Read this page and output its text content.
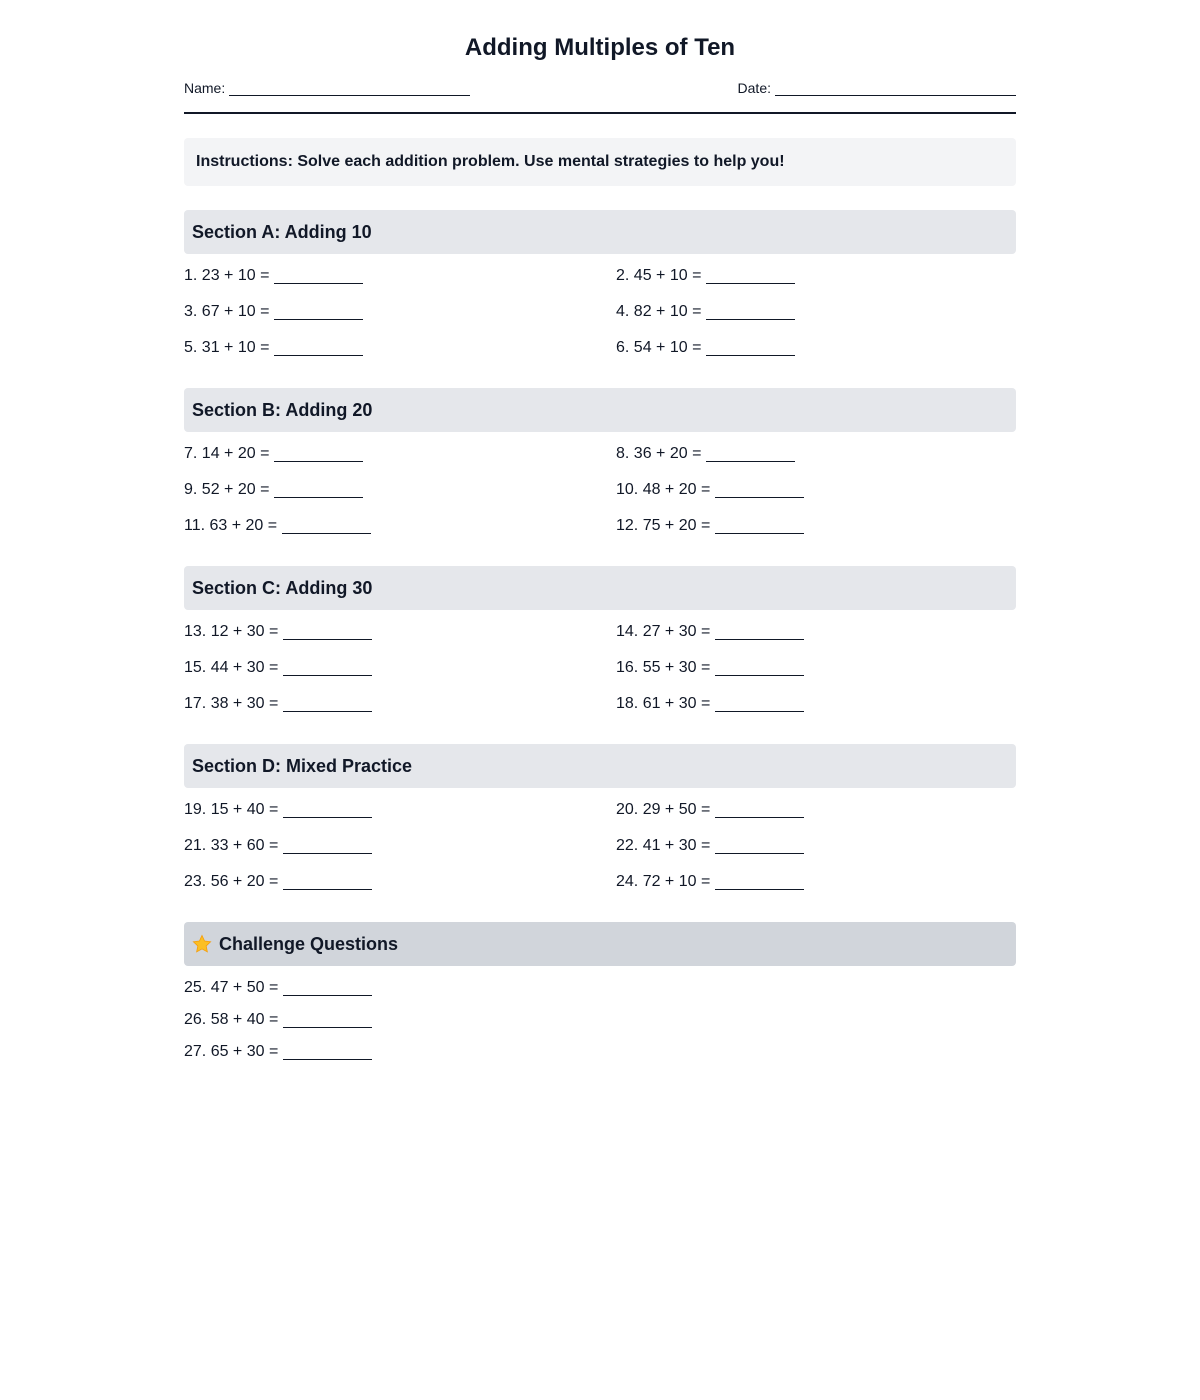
Adding Multiples of Ten
Name:	Date:
Instructions: Solve each addition problem. Use mental strategies to help you!
Section A: Adding 10
1. 23 + 10 =	2. 45 + 10 =
3. 67 + 10 =	4. 82 + 10 =
5. 31 + 10 =	6. 54 + 10 =
Section B: Adding 20
7. 14 + 20 =	8. 36 + 20 =
9. 52 + 20 =	10. 48 + 20 =
11. 63 + 20 =	12. 75 + 20 =
Section C: Adding 30
13. 12 + 30 =	14. 27 + 30 =
15. 44 + 30 =	16. 55 + 30 =
17. 38 + 30 =	18. 61 + 30 =
Section D: Mixed Practice
19. 15 + 40 =	20. 29 + 50 =
21. 33 + 60 =	22. 41 + 30 =
23. 56 + 20 =	24. 72 + 10 =
Challenge Questions
25. 47 + 50 =
26. 58 + 40 =
27. 65 + 30 =
